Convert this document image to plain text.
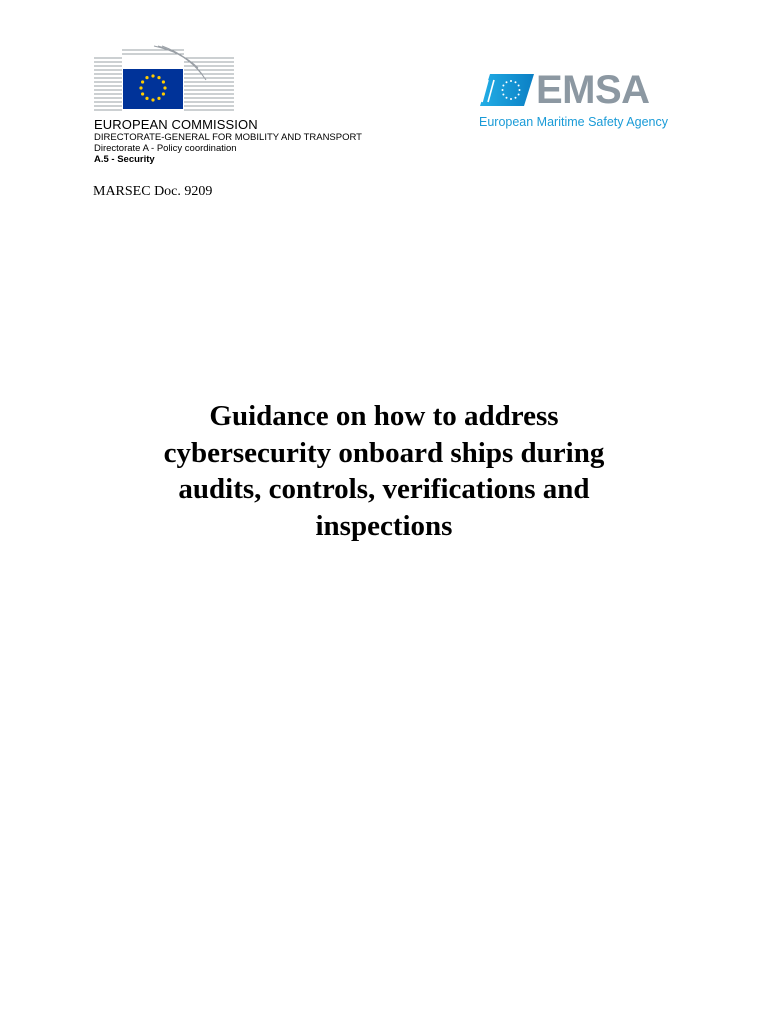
EUROPEAN COMMISSION

DIRECTORATE-GENERAL FOR MOBILITY AND TRANSPORT

Directorate A - Policy coordination

A.5 - Security

MARSEC Doc. 9209
EMSA
European Maritime Safety Agency
Guidance on how to address
cybersecurity onboard ships during
audits, controls, verifications and
inspections
